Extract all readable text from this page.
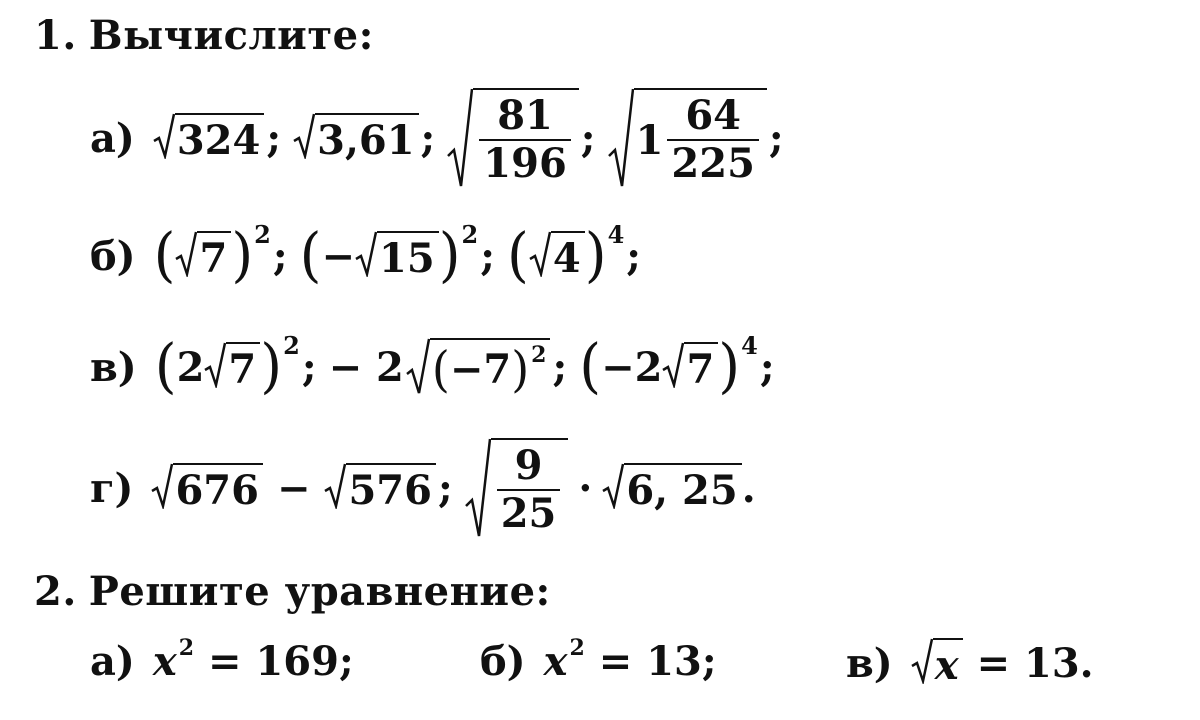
1. Вычислите:
а) 324 ; 3,61 ; $\frac{81}{196}$ ; $1 \frac{64}{225}$ ;
б) ( 7 ) 2 ; ( − 15 ) 2 ; ( 4 ) 4 ;
в) ( 2 7 ) 2 ; − 2 ( −7 ) 2 ; ( −2 7 ) 4 ;
г) 676 − 576 ; $\frac{9}{25} \cdot 6$, 25 .
2. Решите уравнение:
а) x 2 = 169;	б) x 2 = 13;	в) x = 13.
